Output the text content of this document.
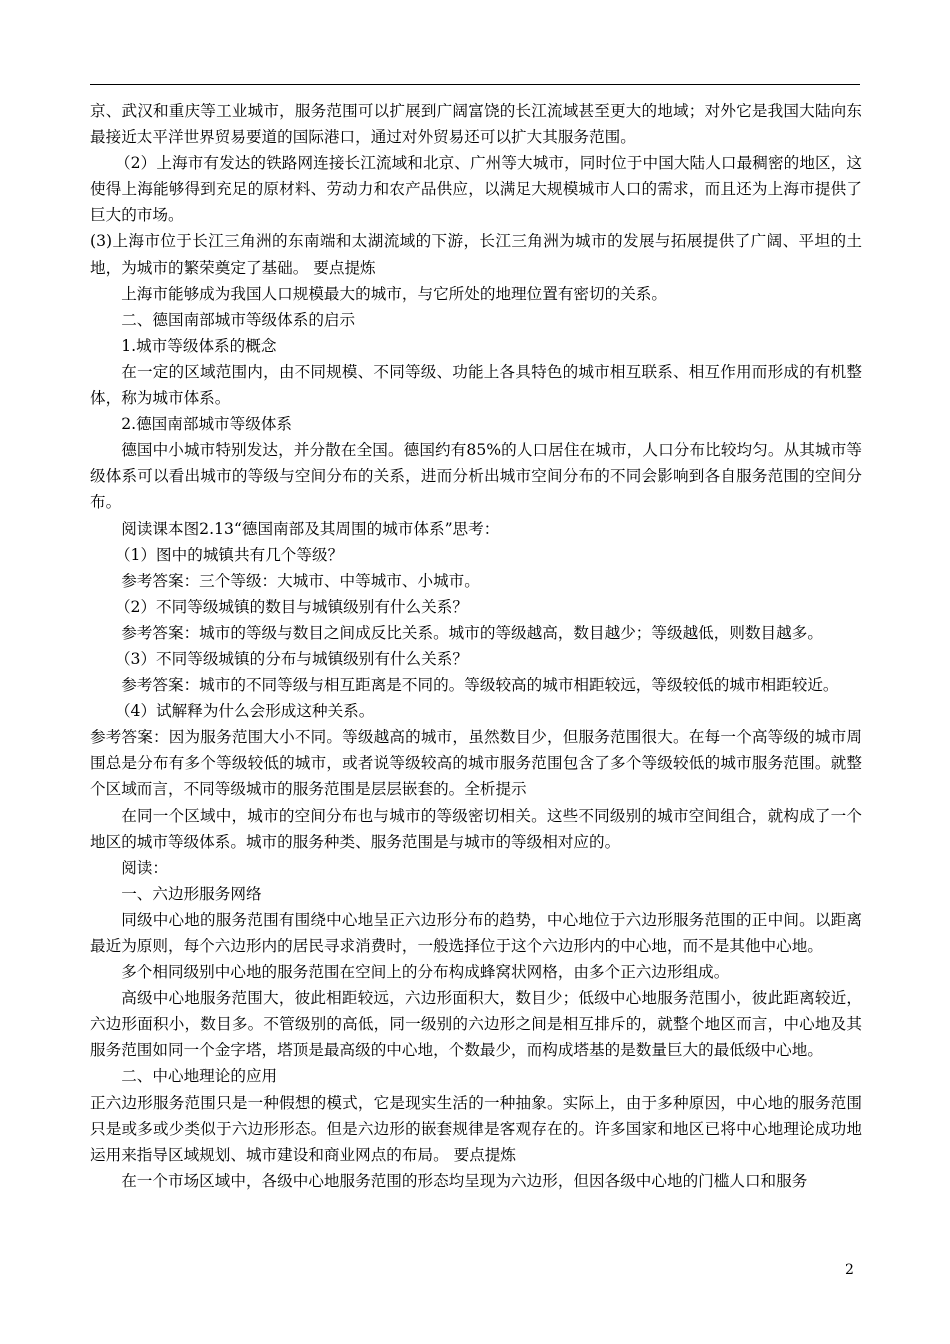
京、武汉和重庆等工业城市，服务范围可以扩展到广阔富饶的长江流域甚至更大的地域；对外它是我国大陆向东最接近太平洋世界贸易要道的国际港口，通过对外贸易还可以扩大其服务范围。

（2）上海市有发达的铁路网连接长江流域和北京、广州等大城市，同时位于中国大陆人口最稠密的地区，这使得上海能够得到充足的原材料、劳动力和农产品供应，以满足大规模城市人口的需求，而且还为上海市提供了巨大的市场。

(3)上海市位于长江三角洲的东南端和太湖流域的下游，长江三角洲为城市的发展与拓展提供了广阔、平坦的土地，为城市的繁荣奠定了基础。 要点提炼

上海市能够成为我国人口规模最大的城市，与它所处的地理位置有密切的关系。

二、德国南部城市等级体系的启示

1.城市等级体系的概念

在一定的区域范围内，由不同规模、不同等级、功能上各具特色的城市相互联系、相互作用而形成的有机整体，称为城市体系。

2.德国南部城市等级体系

德国中小城市特别发达，并分散在全国。德国约有85%的人口居住在城市，人口分布比较均匀。从其城市等级体系可以看出城市的等级与空间分布的关系，进而分析出城市空间分布的不同会影响到各自服务范围的空间分布。

阅读课本图2.13“德国南部及其周围的城市体系”思考：

（1）图中的城镇共有几个等级？

参考答案：三个等级：大城市、中等城市、小城市。

（2）不同等级城镇的数目与城镇级别有什么关系？

参考答案：城市的等级与数目之间成反比关系。城市的等级越高，数目越少；等级越低，则数目越多。

（3）不同等级城镇的分布与城镇级别有什么关系？

参考答案：城市的不同等级与相互距离是不同的。等级较高的城市相距较远，等级较低的城市相距较近。

（4）试解释为什么会形成这种关系。

参考答案：因为服务范围大小不同。等级越高的城市，虽然数目少，但服务范围很大。在每一个高等级的城市周围总是分布有多个等级较低的城市，或者说等级较高的城市服务范围包含了多个等级较低的城市服务范围。就整个区域而言，不同等级城市的服务范围是层层嵌套的。全析提示

在同一个区域中，城市的空间分布也与城市的等级密切相关。这些不同级别的城市空间组合，就构成了一个地区的城市等级体系。城市的服务种类、服务范围是与城市的等级相对应的。

阅读：

一、六边形服务网络

同级中心地的服务范围有围绕中心地呈正六边形分布的趋势，中心地位于六边形服务范围的正中间。以距离最近为原则，每个六边形内的居民寻求消费时，一般选择位于这个六边形内的中心地，而不是其他中心地。

多个相同级别中心地的服务范围在空间上的分布构成蜂窝状网格，由多个正六边形组成。

高级中心地服务范围大，彼此相距较远，六边形面积大，数目少；低级中心地服务范围小，彼此距离较近，六边形面积小，数目多。不管级别的高低，同一级别的六边形之间是相互排斥的，就整个地区而言，中心地及其服务范围如同一个金字塔，塔顶是最高级的中心地，个数最少，而构成塔基的是数量巨大的最低级中心地。

二、中心地理论的应用

正六边形服务范围只是一种假想的模式，它是现实生活的一种抽象。实际上，由于多种原因，中心地的服务范围只是或多或少类似于六边形形态。但是六边形的嵌套规律是客观存在的。许多国家和地区已将中心地理论成功地运用来指导区域规划、城市建设和商业网点的布局。 要点提炼

在一个市场区域中，各级中心地服务范围的形态均呈现为六边形，但因各级中心地的门槛人口和服务

2
